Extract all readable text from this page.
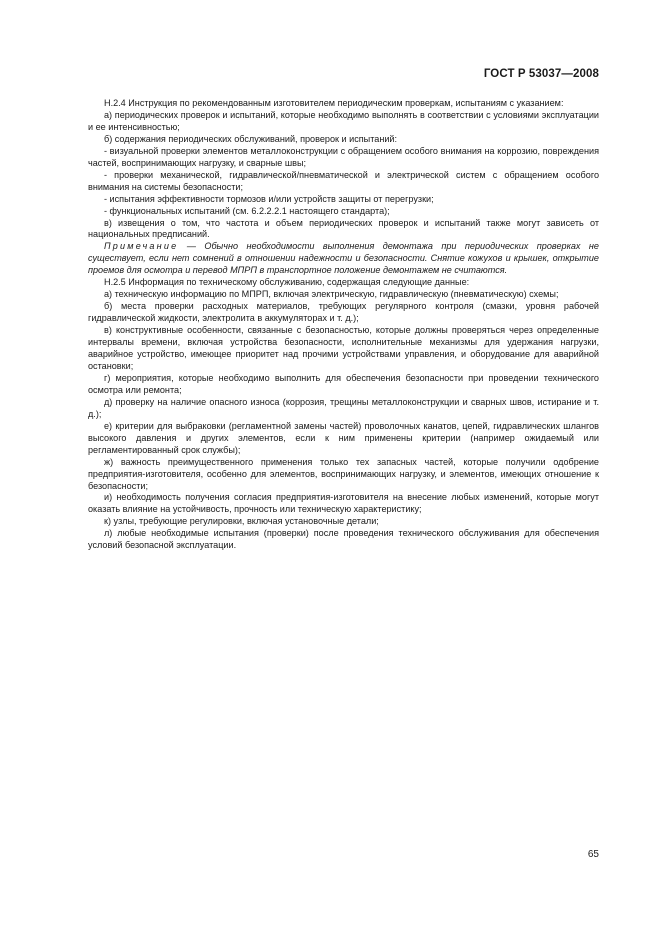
ГОСТ Р 53037—2008

Н.2.4 Инструкция по рекомендованным изготовителем периодическим проверкам, испытаниям с указанием:

а) периодических проверок и испытаний, которые необходимо выполнять в соответствии с условиями эксплуатации и ее интенсивностью;

б) содержания периодических обслуживаний, проверок и испытаний:

- визуальной проверки элементов металлоконструкции с обращением особого внимания на коррозию, повреждения частей, воспринимающих нагрузку, и сварные швы;

- проверки механической, гидравлической/пневматической и электрической систем с обращением особого внимания на системы безопасности;

- испытания эффективности тормозов и/или устройств защиты от перегрузки;

- функциональных испытаний (см. 6.2.2.2.1 настоящего стандарта);

в) извещения о том, что частота и объем периодических проверок и испытаний также могут зависеть от национальных предписаний.

Примечание — Обычно необходимости выполнения демонтажа при периодических проверках не существует, если нет сомнений в отношении надежности и безопасности. Снятие кожухов и крышек, открытие проемов для осмотра и перевод МПРП в транспортное положение демонтажем не считаются.

Н.2.5 Информация по техническому обслуживанию, содержащая следующие данные:

а) техническую информацию по МПРП, включая электрическую, гидравлическую (пневматическую) схемы;

б) места проверки расходных материалов, требующих регулярного контроля (смазки, уровня рабочей гидравлической жидкости, электролита в аккумуляторах и т. д.);

в) конструктивные особенности, связанные с безопасностью, которые должны проверяться через определенные интервалы времени, включая устройства безопасности, исполнительные механизмы для удержания нагрузки, аварийное устройство, имеющее приоритет над прочими устройствами управления, и оборудование для аварийной остановки;

г) мероприятия, которые необходимо выполнить для обеспечения безопасности при проведении технического осмотра или ремонта;

д) проверку на наличие опасного износа (коррозия, трещины металлоконструкции и сварных швов, истирание и т. д.);

е) критерии для выбраковки (регламентной замены частей) проволочных канатов, цепей, гидравлических шлангов высокого давления и других элементов, если к ним применены критерии (например ожидаемый или регламентированный срок службы);

ж) важность преимущественного применения только тех запасных частей, которые получили одобрение предприятия-изготовителя, особенно для элементов, воспринимающих нагрузку, и элементов, имеющих отношение к безопасности;

и) необходимость получения согласия предприятия-изготовителя на внесение любых изменений, которые могут оказать влияние на устойчивость, прочность или техническую характеристику;

к) узлы, требующие регулировки, включая установочные детали;

л) любые необходимые испытания (проверки) после проведения технического обслуживания для обеспечения условий безопасной эксплуатации.

65
